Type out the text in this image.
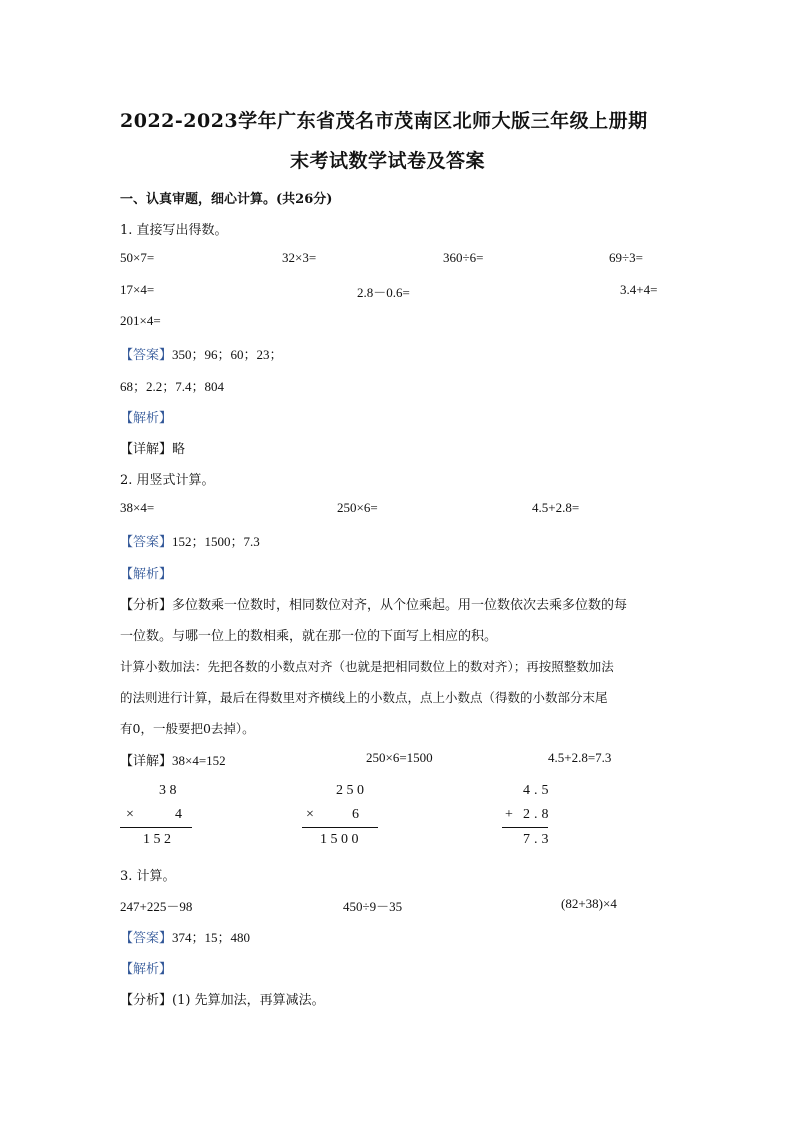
2022-2023学年广东省茂名市茂南区北师大版三年级上册期
末考试数学试卷及答案
一、认真审题，细心计算。(共26分)
1. 直接写出得数。
50×7=	32×3=	360÷6=	69÷3=
17×4=	2.8－0.6=	3.4+4=
201×4=
【答案】350；96；60；23；
68；2.2；7.4；804
【解析】
【详解】略
2. 用竖式计算。
38×4=	250×6=	4.5+2.8=
【答案】152；1500；7.3
【解析】
【分析】多位数乘一位数时，相同数位对齐，从个位乘起。用一位数依次去乘多位数的每
一位数。与哪一位上的数相乘，就在那一位的下面写上相应的积。
计算小数加法：先把各数的小数点对齐（也就是把相同数位上的数对齐）；再按照整数加法
的法则进行计算，最后在得数里对齐横线上的小数点，点上小数点（得数的小数部分末尾
有0，一般要把0去掉）。
【详解】38×4=152	250×6=1500	4.5+2.8=7.3
3 8
×	4
1 5 2
2 5 0
×	6
1 5 0 0
4.5
+ 2.8
7.3
3. 计算。
247+225－98	450÷9－35	(82+38)×4
【答案】374；15；480
【解析】
【分析】(1) 先算加法，再算减法。
